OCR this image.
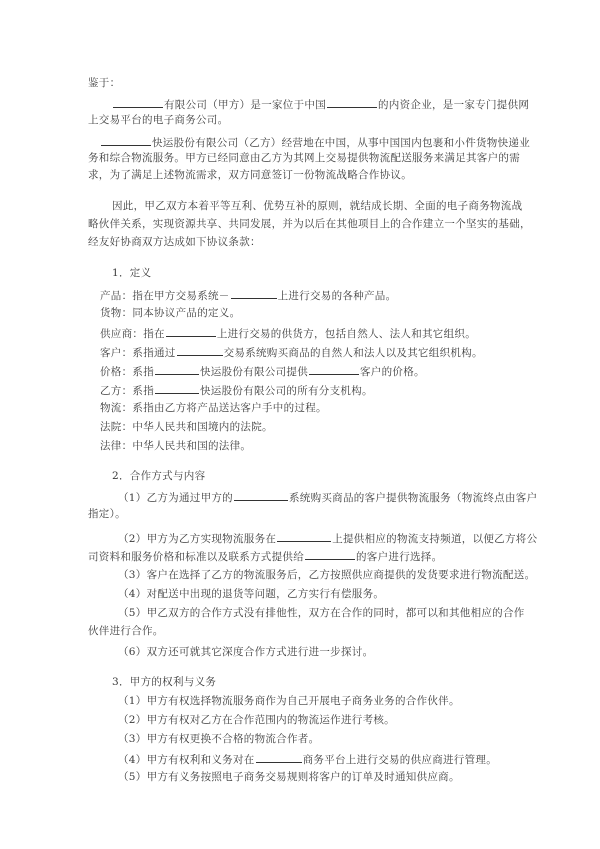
鉴于：
有限公司（甲方）是一家位于中国	的内资企业，是一家专门提供网
上交易平台的电子商务公司。
快运股份有限公司（乙方）经营地在中国，从事中国国内包裹和小件货物快递业
务和综合物流服务。甲方已经同意由乙方为其网上交易提供物流配送服务来满足其客户的需
求，为了满足上述物流需求，双方同意签订一份物流战略合作协议。
因此，甲乙双方本着平等互利、优势互补的原则，就结成长期、全面的电子商务物流战
略伙伴关系，实现资源共享、共同发展，并为以后在其他项目上的合作建立一个坚实的基础，
经友好协商双方达成如下协议条款：
1．定义
产品：指在甲方交易系统－	上进行交易的各种产品。
货物：同本协议产品的定义。
供应商：指在	上进行交易的供货方，包括自然人、法人和其它组织。
客户：系指通过	交易系统购买商品的自然人和法人以及其它组织机构。
价格：系指	快运股份有限公司提供	客户的价格。
乙方：系指	快运股份有限公司的所有分支机构。
物流：系指由乙方将产品送达客户手中的过程。
法院：中华人民共和国境内的法院。
法律：中华人民共和国的法律。
2．合作方式与内容
（1）乙方为通过甲方的	系统购买商品的客户提供物流服务（物流终点由客户
指定）。
（2）甲方为乙方实现物流服务在	上提供相应的物流支持频道，以便乙方将公
司资料和服务价格和标准以及联系方式提供给	的客户进行选择。
（3）客户在选择了乙方的物流服务后，乙方按照供应商提供的发货要求进行物流配送。
（4）对配送中出现的退货等问题，乙方实行有偿服务。
（5）甲乙双方的合作方式没有排他性，双方在合作的同时，都可以和其他相应的合作
伙伴进行合作。
（6）双方还可就其它深度合作方式进行进一步探讨。
3．甲方的权利与义务
（1）甲方有权选择物流服务商作为自己开展电子商务业务的合作伙伴。
（2）甲方有权对乙方在合作范围内的物流运作进行考核。
（3）甲方有权更换不合格的物流合作者。
（4）甲方有权利和义务对在	商务平台上进行交易的供应商进行管理。
（5）甲方有义务按照电子商务交易规则将客户的订单及时通知供应商。
